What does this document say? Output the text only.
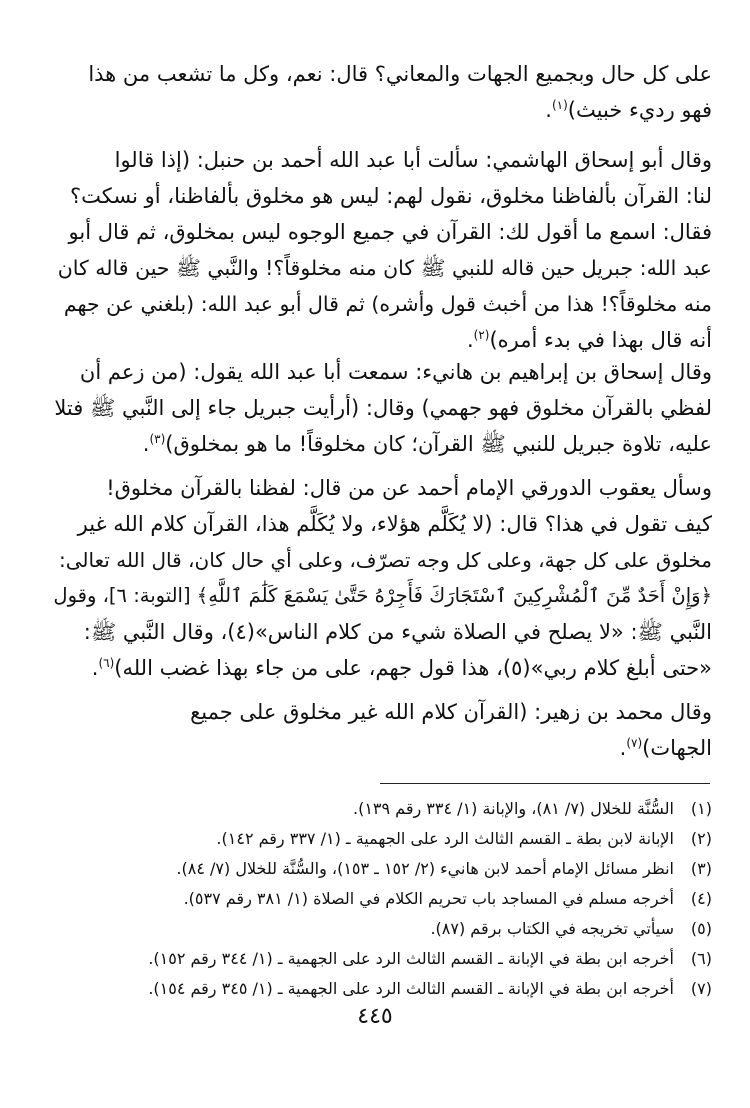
على كل حال وبجميع الجهات والمعاني؟ قال: نعم، وكل ما تشعب من هذا
فهو رديء خبيث)$^{(١)}$.
وقال أبو إسحاق الهاشمي: سألت أبا عبد الله أحمد بن حنبل: (إذا قالوا
لنا: القرآن بألفاظنا مخلوق، نقول لهم: ليس هو مخلوق بألفاظنا، أو نسكت؟
فقال: اسمع ما أقول لك: القرآن في جميع الوجوه ليس بمخلوق، ثم قال أبو
عبد الله: جبريل حين قاله للنبي ﷺ كان منه مخلوقاً؟! والنَّبي ﷺ حين قاله كان
منه مخلوقاً؟! هذا من أخبث قول وأشره) ثم قال أبو عبد الله: (بلغني عن جهم
أنه قال بهذا في بدء أمره)$^{(٢)}$.
وقال إسحاق بن إبراهيم بن هانيء: سمعت أبا عبد الله يقول: (من زعم أن
لفظي بالقرآن مخلوق فهو جهمي) وقال: (أرأيت جبريل جاء إلى النَّبي ﷺ فتلا
عليه، تلاوة جبريل للنبي ﷺ القرآن؛ كان مخلوقاً! ما هو بمخلوق)$^{(٣)}$.
وسأل يعقوب الدورقي الإمام أحمد عن من قال: لفظنا بالقرآن مخلوق!
كيف تقول في هذا؟ قال: (لا يُكَلَّم هؤلاء، ولا يُكَلَّم هذا، القرآن كلام الله غير
مخلوق على كل جهة، وعلى كل وجه تصرّف، وعلى أي حال كان، قال الله تعالى:
﴿وَإِنْ أَحَدٌ مِّنَ ٱلْمُشْرِكِينَ ٱسْتَجَارَكَ فَأَجِرْهُ حَتَّىٰ يَسْمَعَ كَلَٰمَ ٱللَّهِ﴾ [التوبة: ٦]، وقول
النَّبي ﷺ: «لا يصلح في الصلاة شيء من كلام الناس»(٤)، وقال النَّبي ﷺ:
«حتى أبلغ كلام ربي»(٥)، هذا قول جهم، على من جاء بهذا غضب الله)$^{(٦)}$.
وقال محمد بن زهير: (القرآن كلام الله غير مخلوق على جميع
الجهات)$^{(٧)}$.
(١)السُّنَّة للخلال (٧/ ٨١)، والإبانة (١/ ٣٣٤ رقم ١٣٩).
(٢)الإبانة لابن بطة ـ القسم الثالث الرد على الجهمية ـ (١/ ٣٣٧ رقم ١٤٢).
(٣)انظر مسائل الإمام أحمد لابن هانيء (٢/ ١٥٢ ـ ١٥٣)، والسُّنَّة للخلال (٧/ ٨٤).
(٤)أخرجه مسلم في المساجد باب تحريم الكلام في الصلاة (١/ ٣٨١ رقم ٥٣٧).
(٥)سيأتي تخريجه في الكتاب برقم (٨٧).
(٦)أخرجه ابن بطة في الإبانة ـ القسم الثالث الرد على الجهمية ـ (١/ ٣٤٤ رقم ١٥٢).
(٧)أخرجه ابن بطة في الإبانة ـ القسم الثالث الرد على الجهمية ـ (١/ ٣٤٥ رقم ١٥٤).
٤٤٥
